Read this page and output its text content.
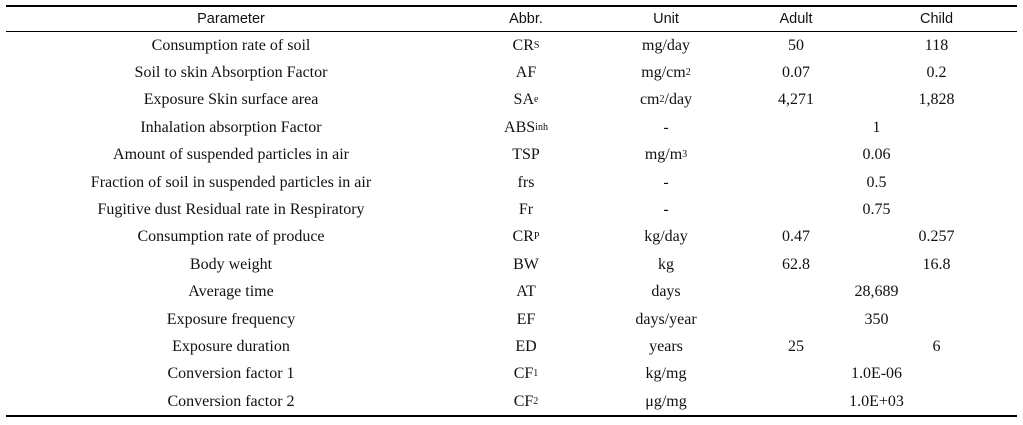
Parameter	Abbr.	Unit	Adult	Child
Consumption rate of soil	CR S	mg/day	50	118
Soil to skin Absorption Factor	AF	mg/cm 2	0.07	0.2
Exposure Skin surface area	SA e	cm 2 /day	4,271	1,828
Inhalation absorption Factor	ABS inh	-	1
Amount of suspended particles in air	TSP	mg/m 3	0.06
Fraction of soil in suspended particles in air	frs	-	0.5
Fugitive dust Residual rate in Respiratory	Fr	-	0.75
Consumption rate of produce	CR P	kg/day	0.47	0.257
Body weight	BW	kg	62.8	16.8
Average time	AT	days	28,689
Exposure frequency	EF	days/year	350
Exposure duration	ED	years	25	6
Conversion factor 1	CF 1	kg/mg	1.0E-06
Conversion factor 2	CF 2	μg/mg	1.0E+03
